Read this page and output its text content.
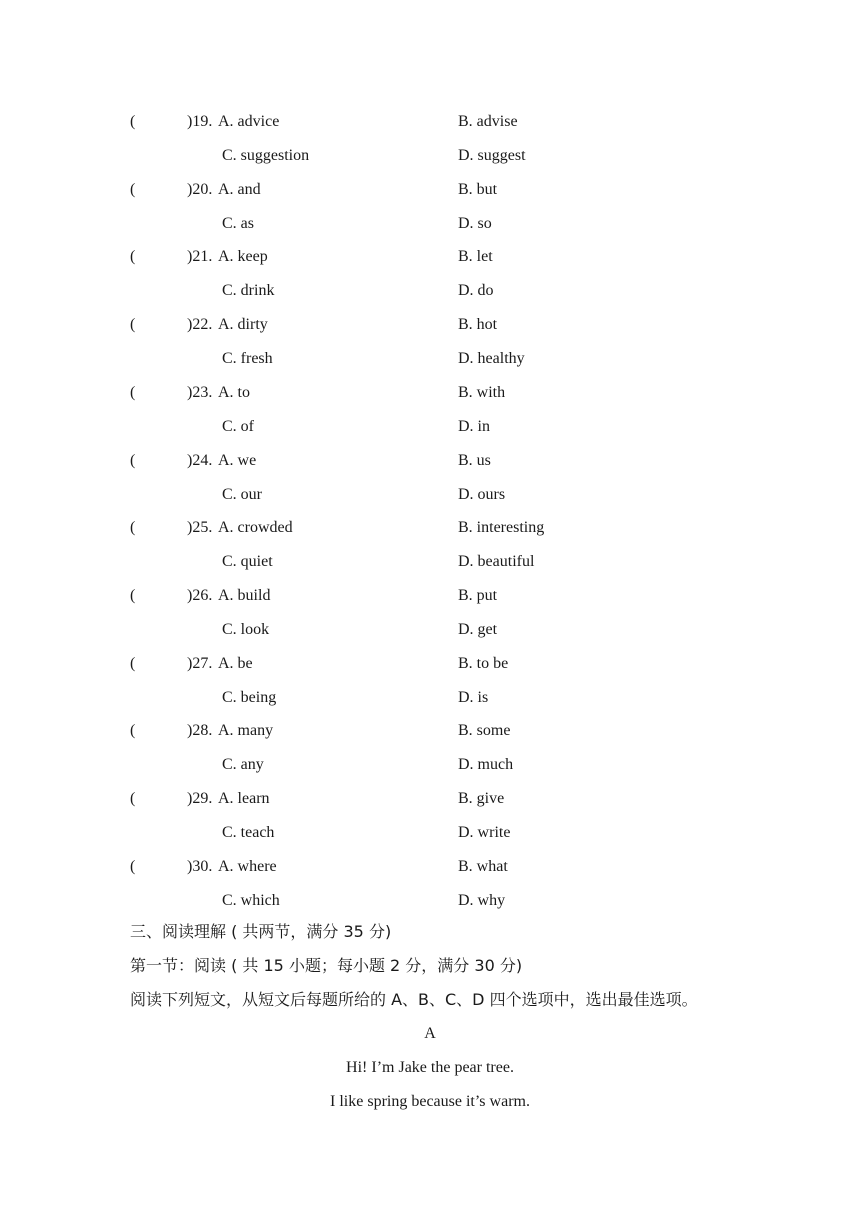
(	)19. A. advice	B. advise
C. suggestion	D. suggest
(	)20. A. and	B. but
C. as	D. so
(	)21. A. keep	B. let
C. drink	D. do
(	)22. A. dirty	B. hot
C. fresh	D. healthy
(	)23. A. to	B. with
C. of	D. in
(	)24. A. we	B. us
C. our	D. ours
(	)25. A. crowded	B. interesting
C. quiet	D. beautiful
(	)26. A. build	B. put
C. look	D. get
(	)27. A. be	B. to be
C. being	D. is
(	)28. A. many	B. some
C. any	D. much
(	)29. A. learn	B. give
C. teach	D. write
(	)30. A. where	B. what
C. which	D. why
三、阅读理解 ( 共两节，满分 35 分)
第一节：阅读 ( 共 15 小题；每小题 2 分，满分 30 分)
阅读下列短文，从短文后每题所给的 A、B、C、D 四个选项中，选出最佳选项。
A
Hi! I’m Jake the pear tree.
I like spring because it’s warm.
